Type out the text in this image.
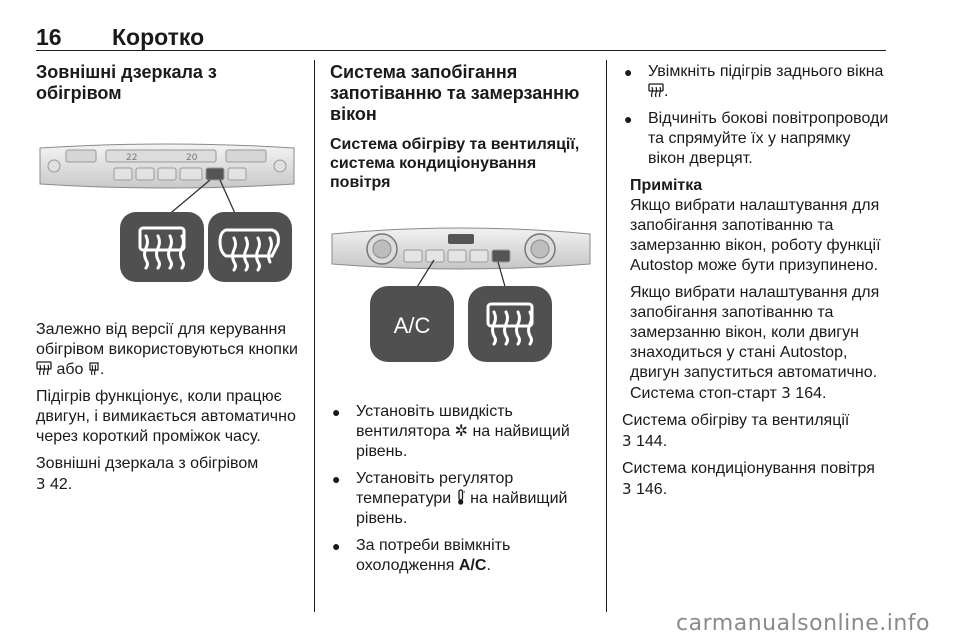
16 Коротко
Зовнішні дзеркала з обігрівом
22	20

Залежно від версії для керування обігрівом використовуються кнопки  або .

Підігрів функціонує, коли працює двигун, і вимикається автоматично через короткий проміжок часу.

Зовнішні дзеркала з обігрівом
3 42.

Система запобігання запотіванню та замерзанню вікон
Система обігріву та вентиляції, система кондиціонування повітря
A/C
● Установіть швидкість вентилятора ✲ на найвищий рівень.
● Установіть регулятор температури  на найвищий рівень.
● За потреби ввімкніть охолодження A/C.
● Увімкніть підігрів заднього вікна .
● Відчиніть бокові повітропроводи та спрямуйте їх у напрямку вікон дверцят.
Примітка

Якщо вибрати налаштування для запобігання запотіванню та замерзанню вікон, роботу функції Autostop може бути призупинено.

Якщо вибрати налаштування для запобігання запотіванню та замерзанню вікон, коли двигун знаходиться у стані Autostop, двигун запуститься автоматично. Система стоп-старт 3 164.

Система обігріву та вентиляції
3 144.

Система кондиціонування повітря
3 146.

carmanualsonline.info
